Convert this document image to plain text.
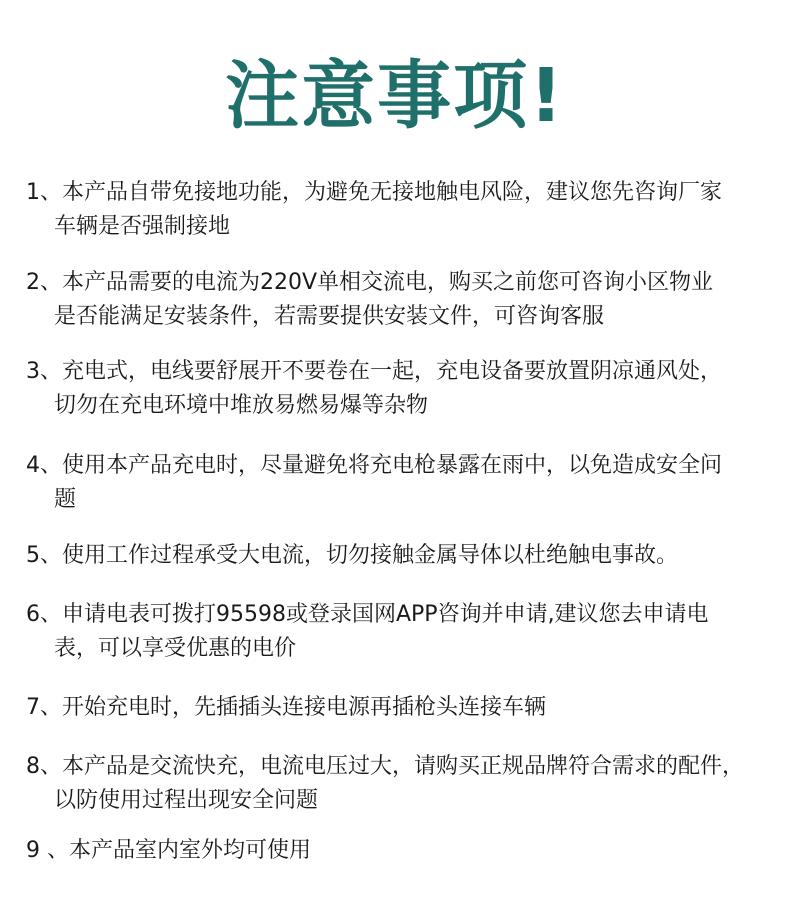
注意事项!
1、本产品自带免接地功能，为避免无接地触电风险，建议您先咨询厂家
车辆是否强制接地
2、本产品需要的电流为220V单相交流电，购买之前您可咨询小区物业
是否能满足安装条件，若需要提供安装文件，可咨询客服
3、充电式，电线要舒展开不要卷在一起，充电设备要放置阴凉通风处，
切勿在充电环境中堆放易燃易爆等杂物
4、使用本产品充电时，尽量避免将充电枪暴露在雨中，以免造成安全问
题
5、使用工作过程承受大电流，切勿接触金属导体以杜绝触电事故。
6、申请电表可拨打95598或登录国网APP咨询并申请,建议您去申请电
表，可以享受优惠的电价
7、开始充电时，先插插头连接电源再插枪头连接车辆
8、本产品是交流快充，电流电压过大，请购买正规品牌符合需求的配件，
以防使用过程出现安全问题
9 、本产品室内室外均可使用
